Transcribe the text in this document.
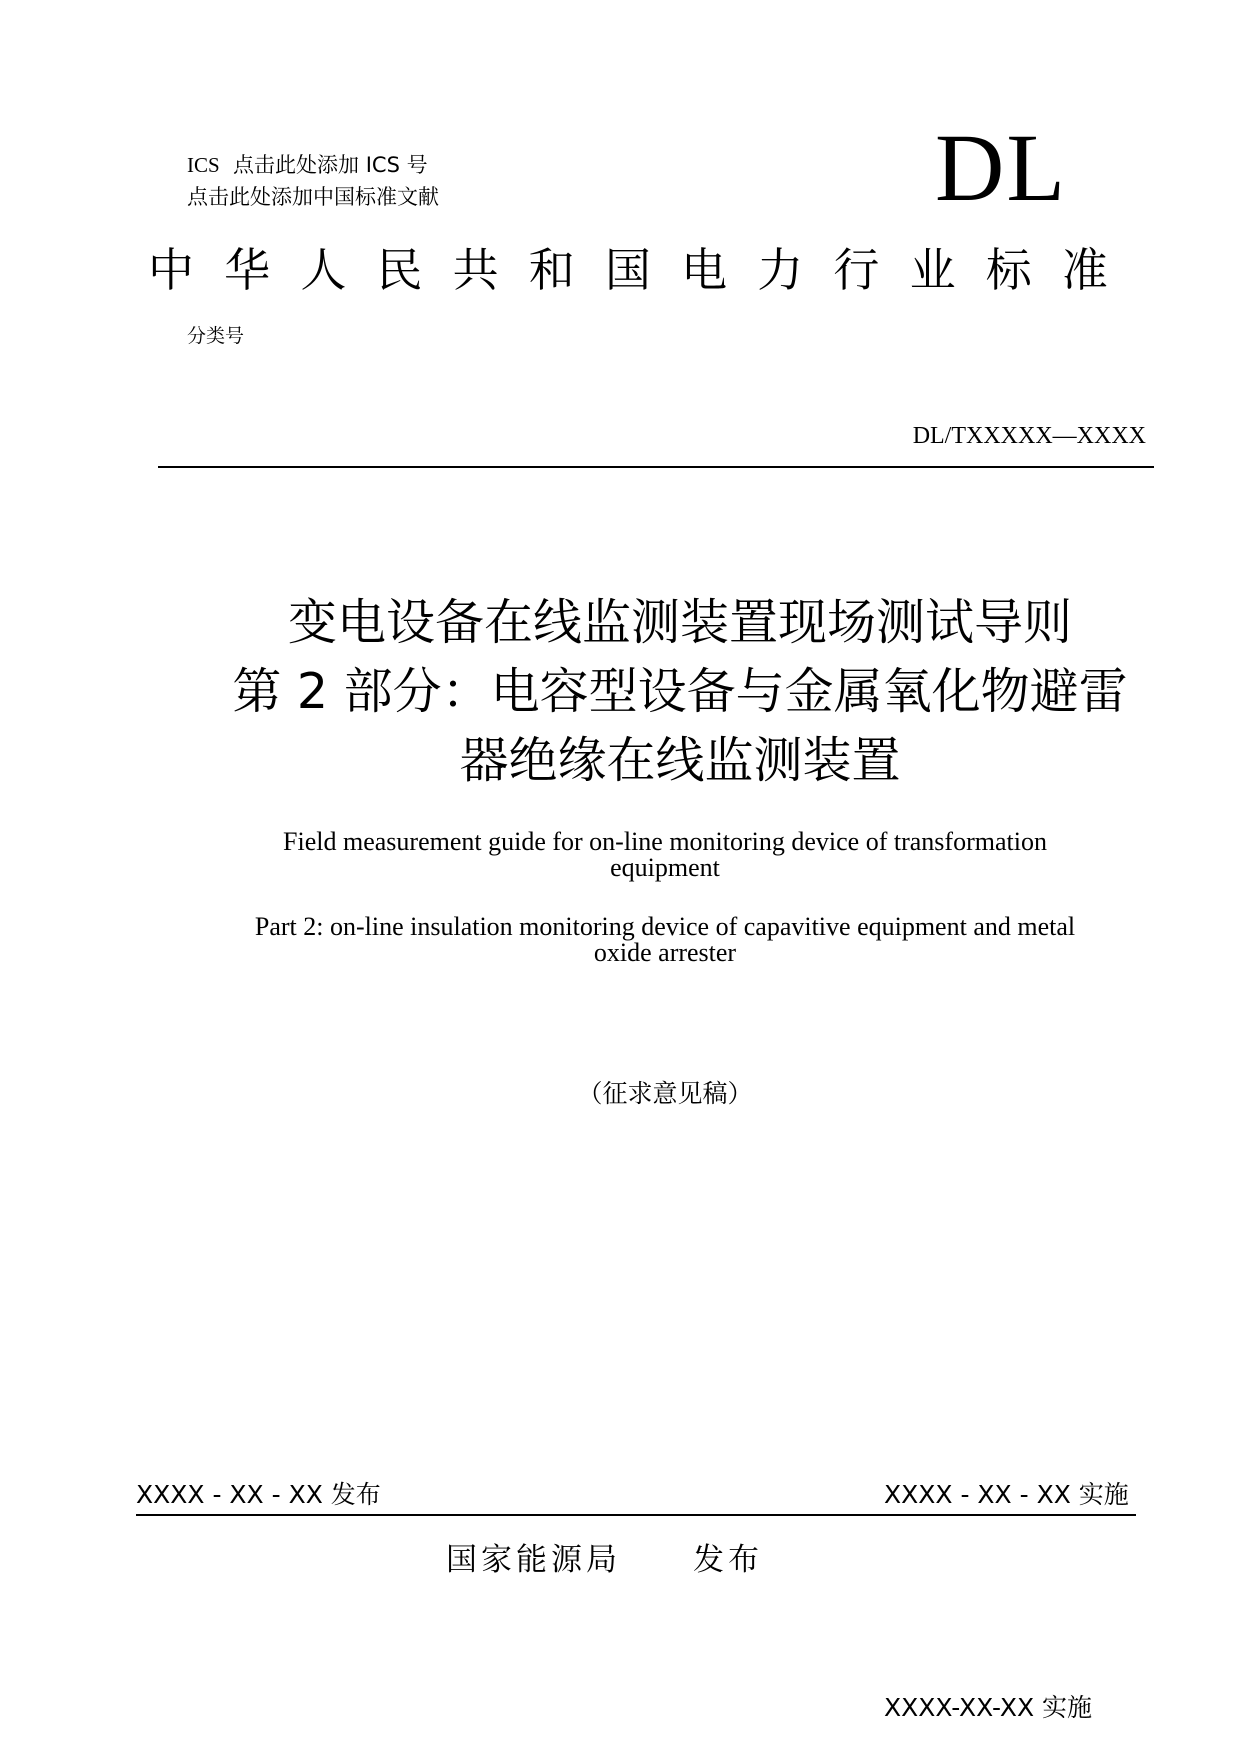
ICS 点击此处添加 ICS 号
点击此处添加中国标准文献	DL
中 华 人 民 共 和 国 电 力 行 业 标 准
分类号
DL/TXXXXX—XXXX
变电设备在线监测装置现场测试导则
第 2 部分：电容型设备与金属氧化物避雷
器绝缘在线监测装置
Field measurement guide for on-line monitoring device of transformation
equipment
Part 2: on-line insulation monitoring device of capavitive equipment and metal
oxide arrester
（征求意见稿）
XXXX - XX - XX 发布	XXXX - XX - XX 实施
国家能源局 发布
XXXX-XX-XX 实施
